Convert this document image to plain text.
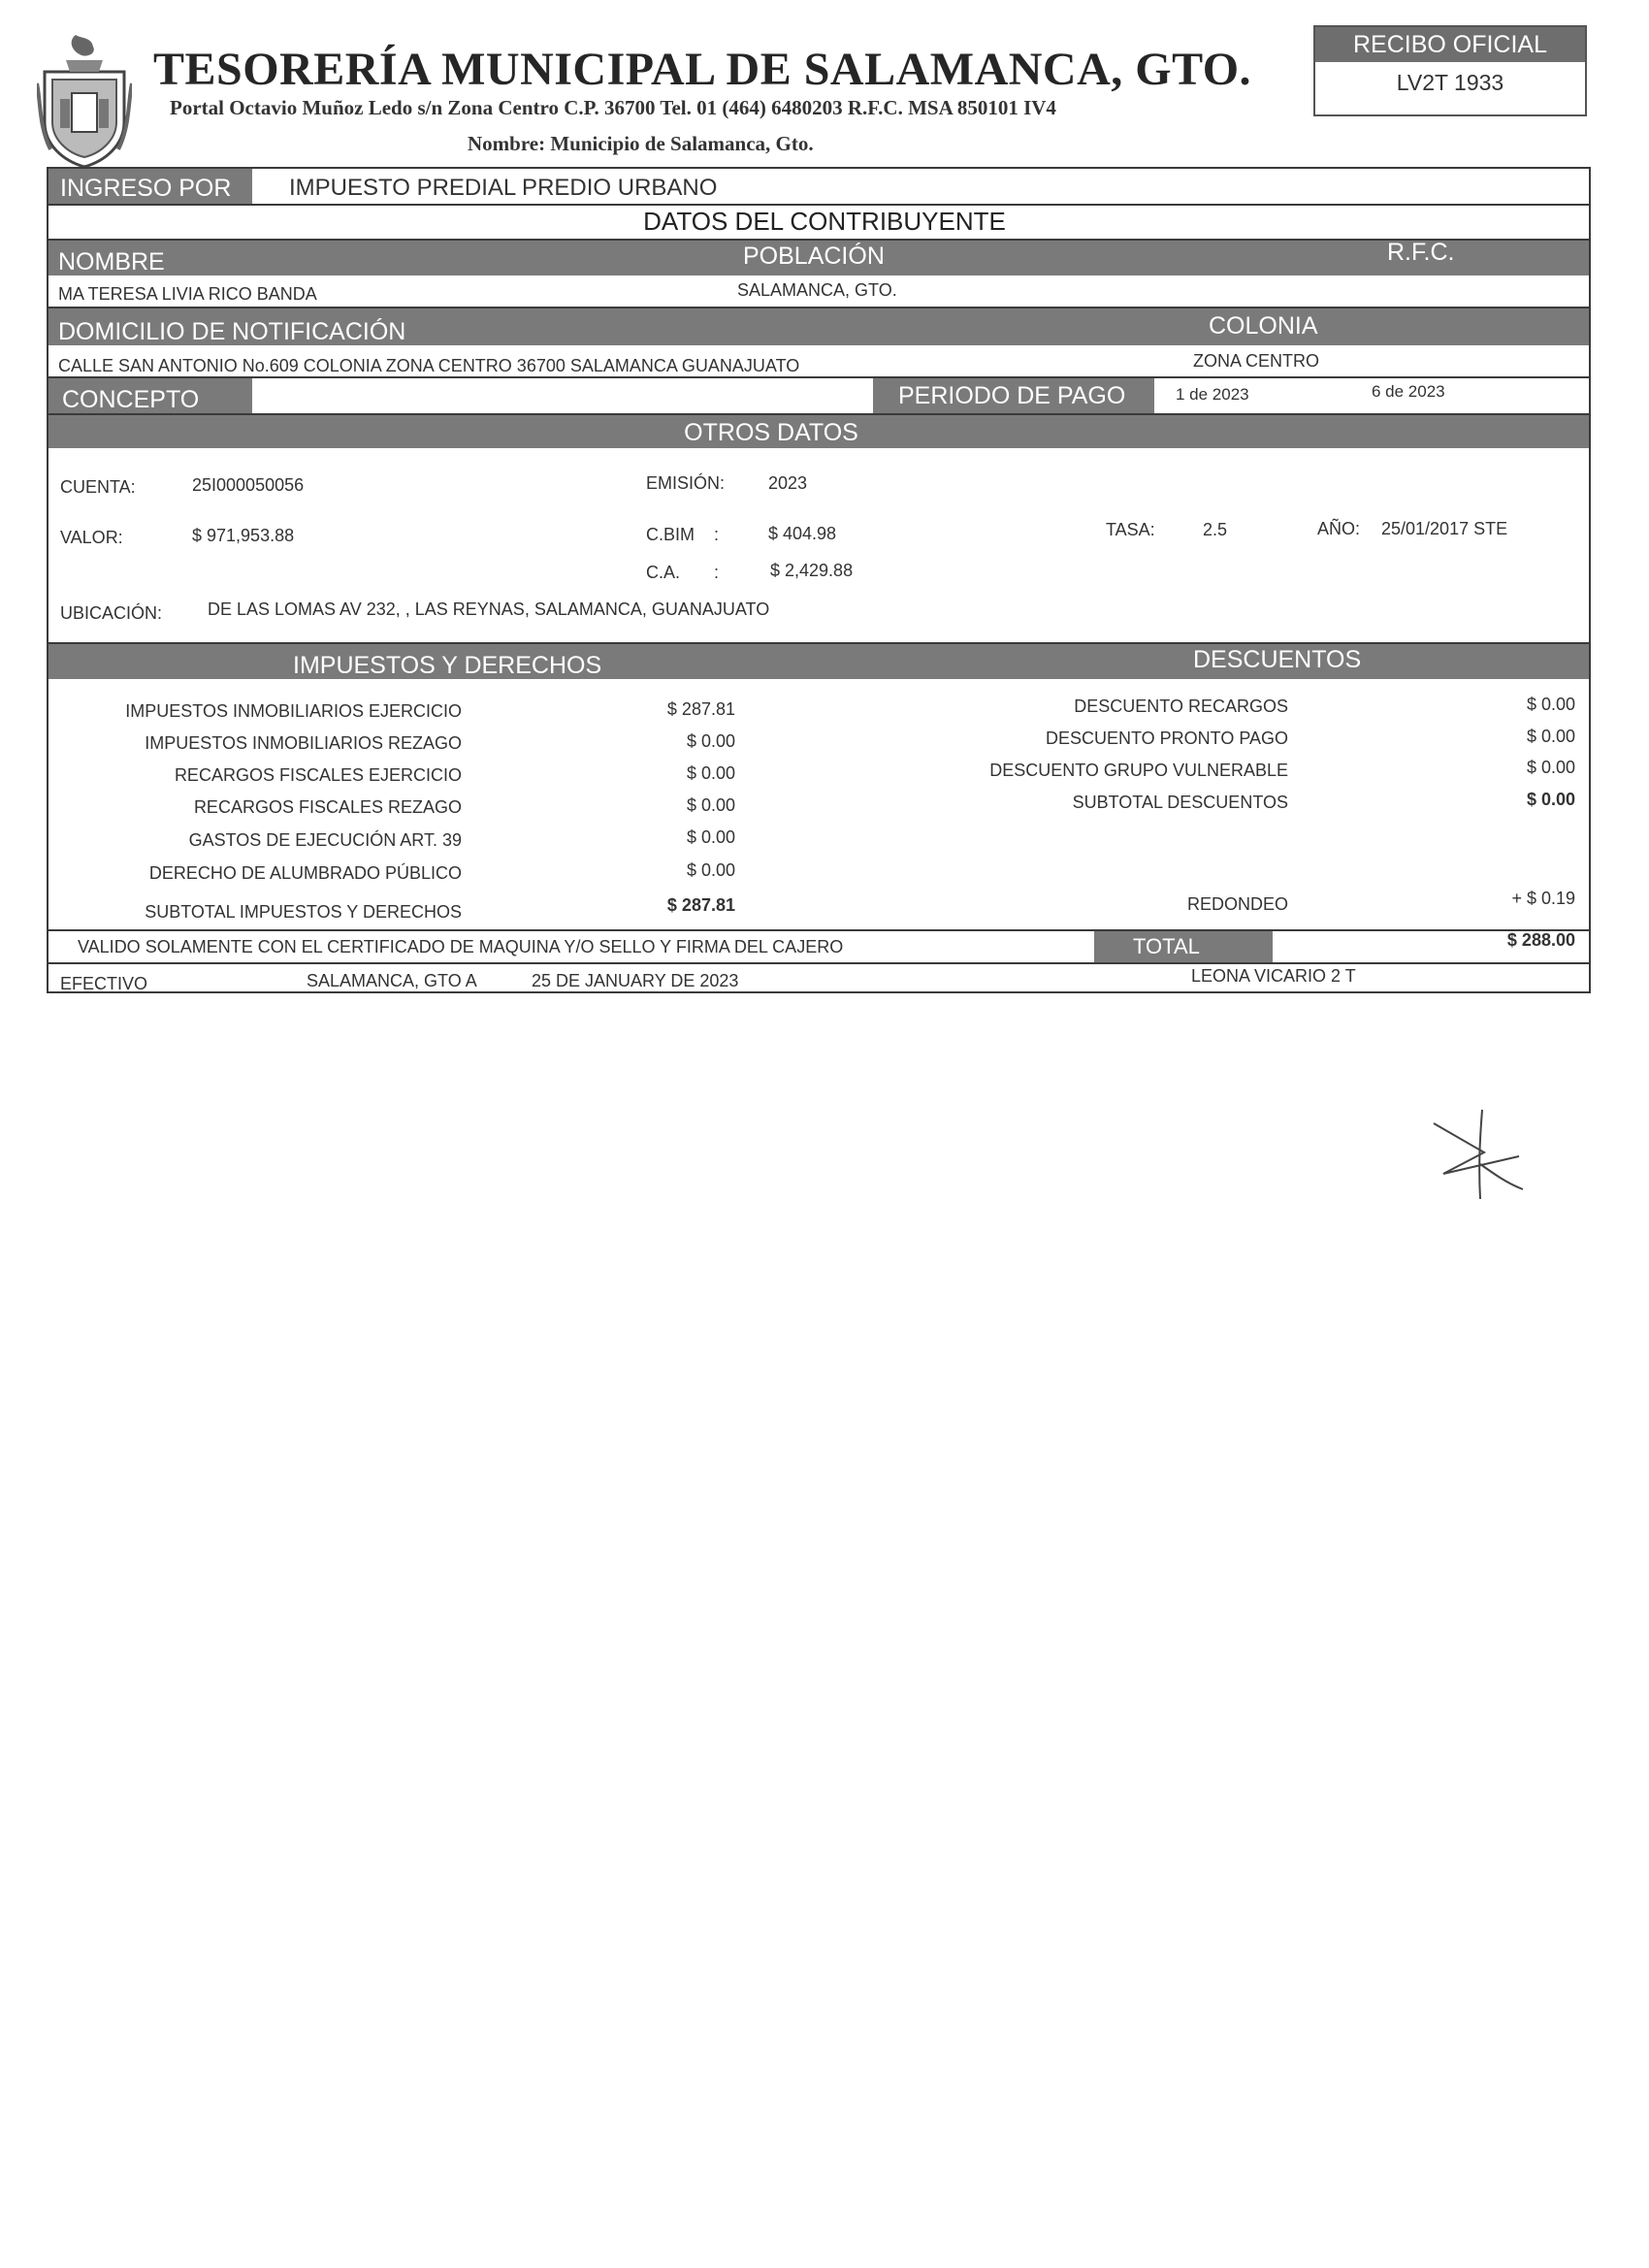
TESORERÍA MUNICIPAL DE SALAMANCA, GTO.
Portal Octavio Muñoz Ledo s/n Zona Centro C.P. 36700 Tel. 01 (464) 6480203 R.F.C. MSA 850101 IV4
Nombre: Municipio de Salamanca, Gto.
RECIBO OFICIAL
LV2T 1933
INGRESO POR IMPUESTO PREDIAL PREDIO URBANO
DATOS DEL CONTRIBUYENTE
NOMBRE	POBLACIÓN	R.F.C.
MA TERESA LIVIA RICO BANDA	SALAMANCA, GTO.
DOMICILIO DE NOTIFICACIÓN	COLONIA
CALLE SAN ANTONIO No.609 COLONIA ZONA CENTRO 36700 SALAMANCA GUANAJUATO	ZONA CENTRO
CONCEPTO	PERIODO DE PAGO	1 de 2023	6 de 2023
OTROS DATOS
CUENTA:	25I000050056	EMISIÓN: 2023
VALOR:	$ 971,953.88	C.BIM :	$ 404.98	TASA:	2.5	AÑO: 25/01/2017 STE
C.A. :	$ 2,429.88
UBICACIÓN:	DE LAS LOMAS AV 232, , LAS REYNAS, SALAMANCA, GUANAJUATO
IMPUESTOS Y DERECHOS	DESCUENTOS
IMPUESTOS INMOBILIARIOS EJERCICIO	$ 287.81
IMPUESTOS INMOBILIARIOS REZAGO	$ 0.00
RECARGOS FISCALES EJERCICIO	$ 0.00
RECARGOS FISCALES REZAGO	$ 0.00
GASTOS DE EJECUCIÓN ART. 39	$ 0.00
DERECHO DE ALUMBRADO PÚBLICO	$ 0.00
SUBTOTAL IMPUESTOS Y DERECHOS	$ 287.81
DESCUENTO RECARGOS	$ 0.00
DESCUENTO PRONTO PAGO	$ 0.00
DESCUENTO GRUPO VULNERABLE	$ 0.00
SUBTOTAL DESCUENTOS	$ 0.00
REDONDEO	+ $ 0.19
VALIDO SOLAMENTE CON EL CERTIFICADO DE MAQUINA Y/O SELLO Y FIRMA DEL CAJERO	TOTAL	$ 288.00
EFECTIVO	SALAMANCA, GTO A	25 DE JANUARY DE 2023	LEONA VICARIO 2 T
